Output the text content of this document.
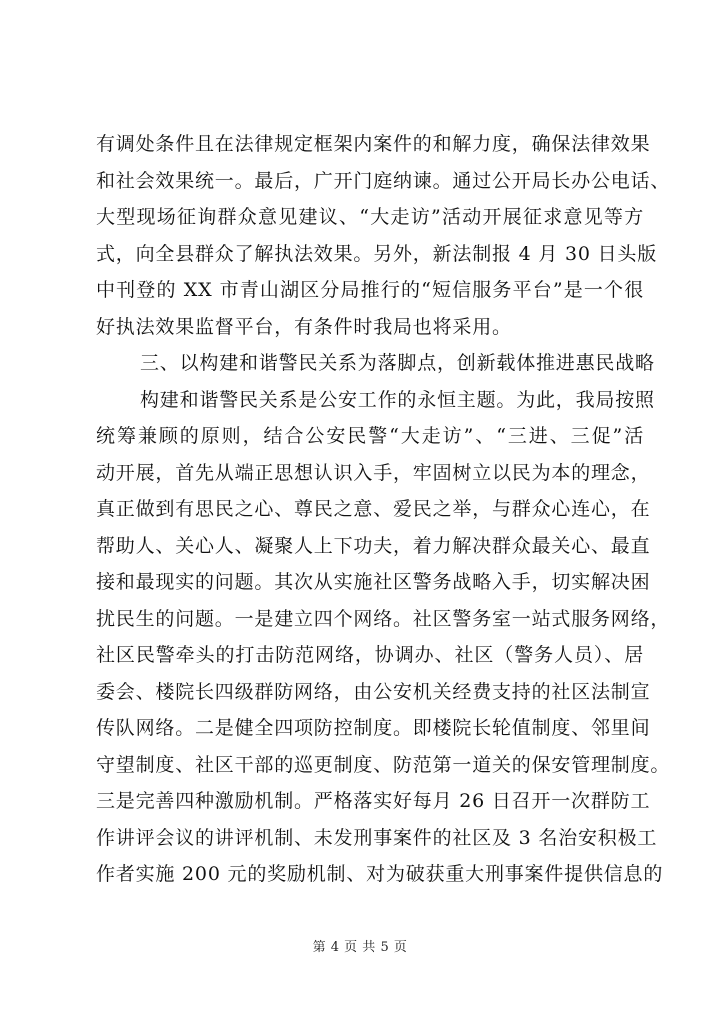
有调处条件且在法律规定框架内案件的和解力度，确保法律效果
和社会效果统一。最后，广开门庭纳谏。通过公开局长办公电话、
大型现场征询群众意见建议、“大走访”活动开展征求意见等方
式，向全县群众了解执法效果。另外，新法制报 4 月 30 日头版
中刊登的 XX 市青山湖区分局推行的“短信服务平台”是一个很
好执法效果监督平台，有条件时我局也将采用。
三、以构建和谐警民关系为落脚点，创新载体推进惠民战略
构建和谐警民关系是公安工作的永恒主题。为此，我局按照
统筹兼顾的原则，结合公安民警“大走访”、“三进、三促”活
动开展，首先从端正思想认识入手，牢固树立以民为本的理念，
真正做到有思民之心、尊民之意、爱民之举，与群众心连心，在
帮助人、关心人、凝聚人上下功夫，着力解决群众最关心、最直
接和最现实的问题。其次从实施社区警务战略入手，切实解决困
扰民生的问题。一是建立四个网络。社区警务室一站式服务网络，
社区民警牵头的打击防范网络，协调办、社区（警务人员）、居
委会、楼院长四级群防网络，由公安机关经费支持的社区法制宣
传队网络。二是健全四项防控制度。即楼院长轮值制度、邻里间
守望制度、社区干部的巡更制度、防范第一道关的保安管理制度。
三是完善四种激励机制。严格落实好每月 26 日召开一次群防工
作讲评会议的讲评机制、未发刑事案件的社区及 3 名治安积极工
作者实施 200 元的奖励机制、对为破获重大刑事案件提供信息的
第 4 页 共 5 页
